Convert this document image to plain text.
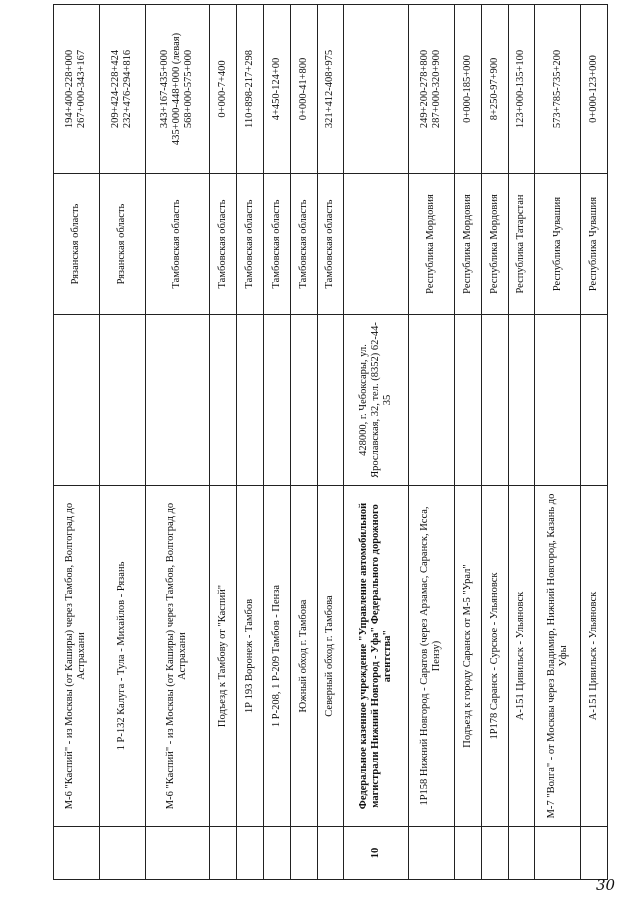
	М-6 "Каспий" - из Москвы (от Каширы) через Тамбов, Волгоград до Астрахани		Рязанская область	194+400-228+000
267+000-343+167
	1 Р-132 Калуга - Тула - Михайлов - Рязань		Рязанская область	209+424-228+424
232+476-294+816
	М-6 "Каспий" - из Москвы (от Каширы) через Тамбов, Волгоград до Астрахани		Тамбовская область	343+167-435+000
435+000-448+000 (левая)
568+000-575+000
	Подъезд к Тамбову от "Каспий"		Тамбовская область	0+000-7+400
	1Р 193 Воронеж - Тамбов		Тамбовская область	110+898-217+298
	1 Р-208, 1 Р-209 Тамбов - Пенза		Тамбовская область	4+450-124+00
	Южный обход г. Тамбова		Тамбовская область	0+000-41+800
	Северный обход г. Тамбова		Тамбовская область	321+412-408+975
10	Федеральное казенное учреждение "Управление автомобильной магистрали Нижний Новгород - Уфа" Федерального дорожного агентства"	428000, г. Чебоксары, ул. Ярославская, 32, тел. (8352) 62-44-35		
	1Р158 Нижний Новгород - Саратов (через Арзамас, Саранск, Исса, Пензу)		Республика Мордовия	249+200-278+800
287+000-320+900
	Подъезд к городу Саранск от М-5 "Урал"		Республика Мордовия	0+000-185+000
	1Р178 Саранск - Сурское - Ульяновск		Республика Мордовия	8+250-97+900
	А-151 Цивильск - Ульяновск		Республика Татарстан	123+000-135+100
	М-7 "Волга" - от Москвы через Владимир, Нижний Новгород, Казань до Уфы		Республика Чувашия	573+785-735+200
	А-151 Цивильск - Ульяновск		Республика Чувашия	0+000-123+000
30
